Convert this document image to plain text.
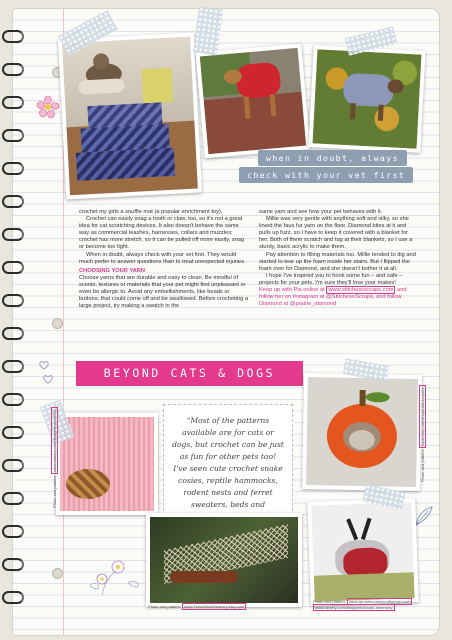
when in doubt, always
check with your vet first

crochet my girls a snuffle mat (a popular enrichment toy).

Crochet can easily snag a tooth or claw, too, so it's not a great idea for cat scratching devices. It also doesn't behave the same way as commercial leashes, harnesses, collars and muzzles; crochet has more stretch, so it can be pulled off more easily, snag or become too tight.

When in doubt, always check with your vet first. They would much prefer to answer questions than to treat unexpected injuries.

CHOOSING YOUR YARN

Choose yarns that are durable and easy to clean. Be mindful of scents, textures or materials that your pet might find unpleasant or even be allergic to. Avoid any embellishments, like beads or buttons, that could come off and be swallowed. Before crocheting a large project, try making a swatch in the

same yarn and see how your pet behaves with it.

Millie was very gentle with anything soft and silky, so she loved the faux fur yarn on the floor. Diamond bites at it and pulls up fuzz, so I have to keep it covered with a blanket for her. Both of them scratch and tug at their blankets, so I use a sturdy, basic acrylic to make them.

Pay attention to filling materials too. Millie tended to dig and started to tear up the foam inside her stairs. But I flipped the foam over for Diamond, and she doesn't bother it at all.

I hope I've inspired you to hook some fun – and safe – projects for your pets. I'm sure they'll love your makes!

Keep up with Pia online at www.stitchesnscraps.com and follow her on Instagram at @StitchesnScraps, and follow Diamond at @prairie_diamond

BEYOND CATS & DOGS
Photo and pattern: www.ravelry.com/designers/crochet	"Most of the patterns available are for cats or dogs, but crochet can be just as fun for other pets too! I've seen cute crochet snake cosies, reptile hammocks, rodent nests and ferret sweaters, beds and
Photo and pattern: www.etsy.com/shop/LittleLooples
Photo and pattern: www.TeesWitchWeavery.etsy.com
Photo and pattern: www.itjenkfoundmycraftymojo.com
www.ravelry.com/designers/sarah-shrimsley
